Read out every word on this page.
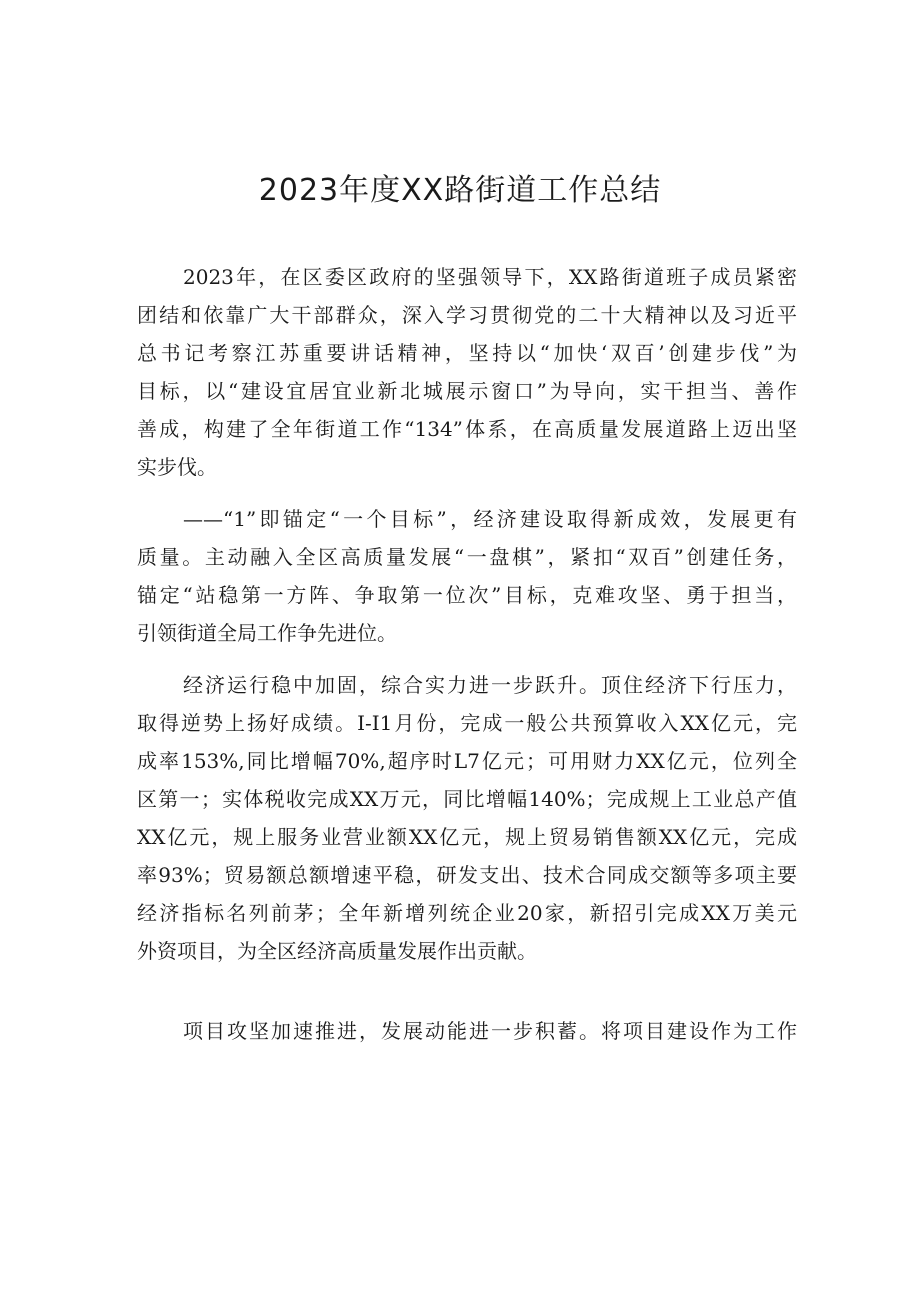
2023年度XX路街道工作总结

2023年，在区委区政府的坚强领导下，XX路街道班子成员紧密

团结和依靠广大干部群众，深入学习贯彻党的二十大精神以及习近平

总书记考察江苏重要讲话精神，坚持以“加快‘双百’创建步伐”为

目标，以“建设宜居宜业新北城展示窗口”为导向，实干担当、善作

善成，构建了全年街道工作“134”体系，在高质量发展道路上迈出坚

实步伐。

——“1”即锚定“一个目标”，经济建设取得新成效，发展更有

质量。主动融入全区高质量发展“一盘棋”，紧扣“双百”创建任务，

锚定“站稳第一方阵、争取第一位次”目标，克难攻坚、勇于担当，

引领街道全局工作争先进位。

经济运行稳中加固，综合实力进一步跃升。顶住经济下行压力，

取得逆势上扬好成绩。I-I1月份，完成一般公共预算收入XX亿元，完

成率153%,同比增幅70%,超序时L7亿元；可用财力XX亿元，位列全

区第一；实体税收完成XX万元，同比增幅140%；完成规上工业总产值

XX亿元，规上服务业营业额XX亿元，规上贸易销售额XX亿元，完成

率93%；贸易额总额增速平稳，研发支出、技术合同成交额等多项主要

经济指标名列前茅；全年新增列统企业20家，新招引完成XX万美元

外资项目，为全区经济高质量发展作出贡献。

项目攻坚加速推进，发展动能进一步积蓄。将项目建设作为工作
